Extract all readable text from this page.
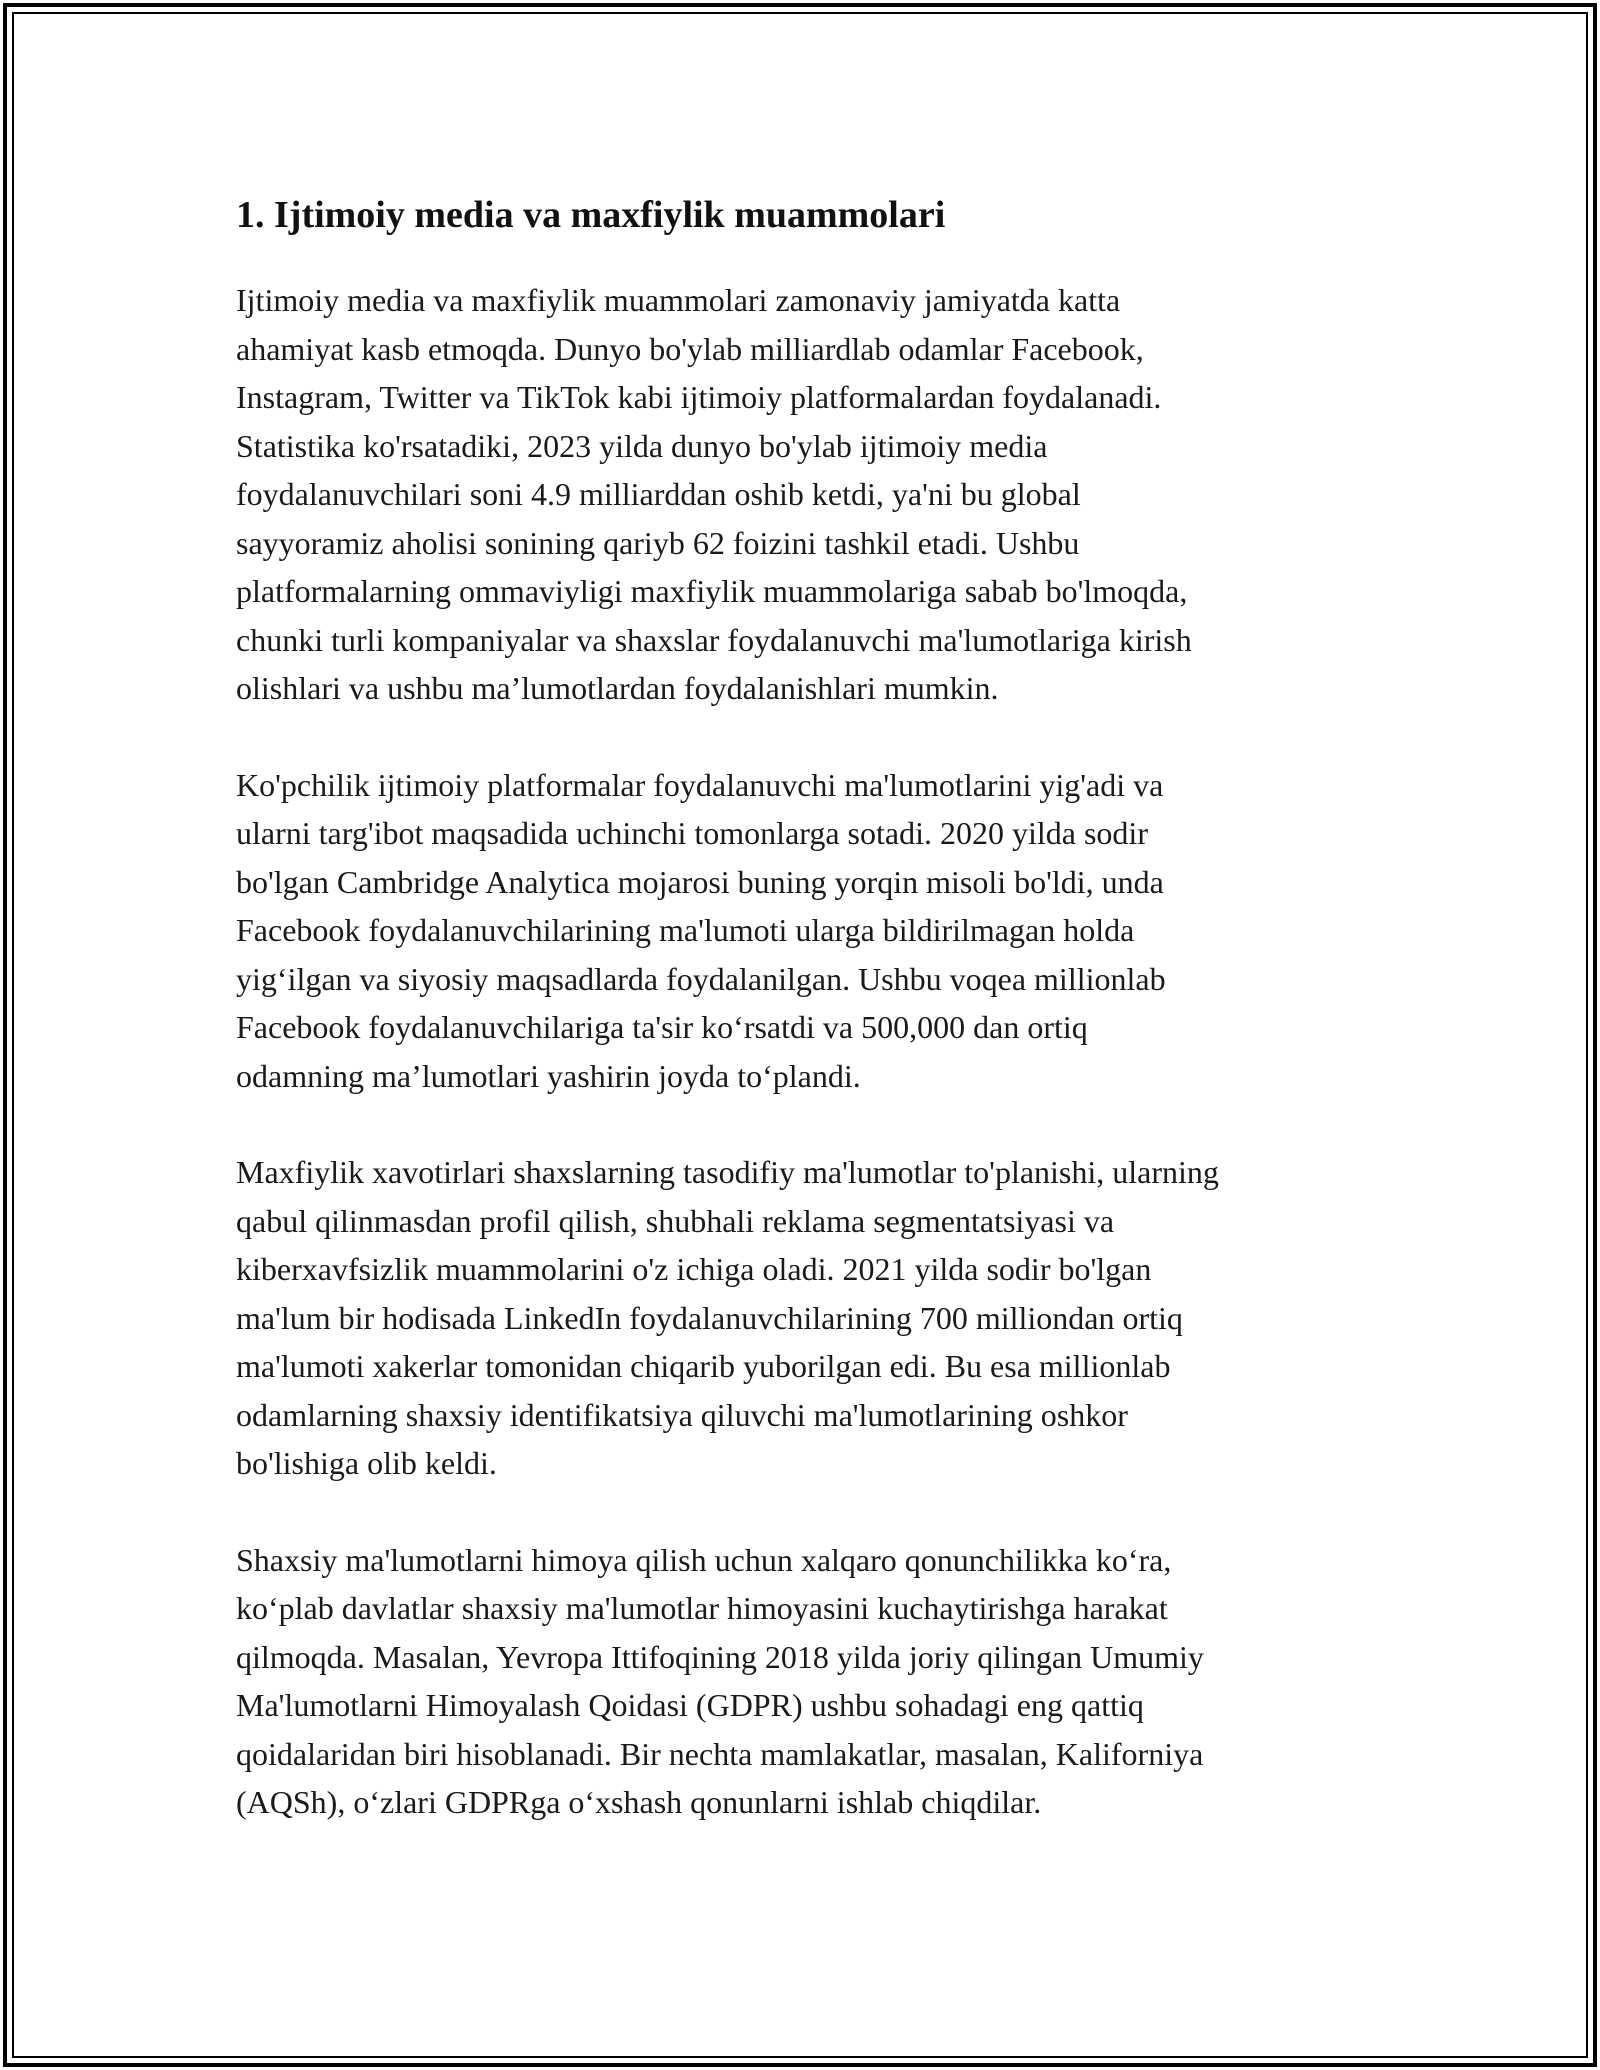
1. Ijtimoiy media va maxfiylik muammolari

Ijtimoiy media va maxfiylik muammolari zamonaviy jamiyatda katta
ahamiyat kasb etmoqda. Dunyo bo'ylab milliardlab odamlar Facebook,
Instagram, Twitter va TikTok kabi ijtimoiy platformalardan foydalanadi.
Statistika ko'rsatadiki, 2023 yilda dunyo bo'ylab ijtimoiy media
foydalanuvchilari soni 4.9 milliarddan oshib ketdi, ya'ni bu global
sayyoramiz aholisi sonining qariyb 62 foizini tashkil etadi. Ushbu
platformalarning ommaviyligi maxfiylik muammolariga sabab bo'lmoqda,
chunki turli kompaniyalar va shaxslar foydalanuvchi ma'lumotlariga kirish
olishlari va ushbu ma’lumotlardan foydalanishlari mumkin.

Ko'pchilik ijtimoiy platformalar foydalanuvchi ma'lumotlarini yig'adi va
ularni targ'ibot maqsadida uchinchi tomonlarga sotadi. 2020 yilda sodir
bo'lgan Cambridge Analytica mojarosi buning yorqin misoli bo'ldi, unda
Facebook foydalanuvchilarining ma'lumoti ularga bildirilmagan holda
yig‘ilgan va siyosiy maqsadlarda foydalanilgan. Ushbu voqea millionlab
Facebook foydalanuvchilariga ta'sir ko‘rsatdi va 500,000 dan ortiq
odamning ma’lumotlari yashirin joyda to‘plandi.

Maxfiylik xavotirlari shaxslarning tasodifiy ma'lumotlar to'planishi, ularning
qabul qilinmasdan profil qilish, shubhali reklama segmentatsiyasi va
kiberxavfsizlik muammolarini o'z ichiga oladi. 2021 yilda sodir bo'lgan
ma'lum bir hodisada LinkedIn foydalanuvchilarining 700 milliondan ortiq
ma'lumoti xakerlar tomonidan chiqarib yuborilgan edi. Bu esa millionlab
odamlarning shaxsiy identifikatsiya qiluvchi ma'lumotlarining oshkor
bo'lishiga olib keldi.

Shaxsiy ma'lumotlarni himoya qilish uchun xalqaro qonunchilikka ko‘ra,
ko‘plab davlatlar shaxsiy ma'lumotlar himoyasini kuchaytirishga harakat
qilmoqda. Masalan, Yevropa Ittifoqining 2018 yilda joriy qilingan Umumiy
Ma'lumotlarni Himoyalash Qoidasi (GDPR) ushbu sohadagi eng qattiq
qoidalaridan biri hisoblanadi. Bir nechta mamlakatlar, masalan, Kaliforniya
(AQSh), o‘zlari GDPRga o‘xshash qonunlarni ishlab chiqdilar.
